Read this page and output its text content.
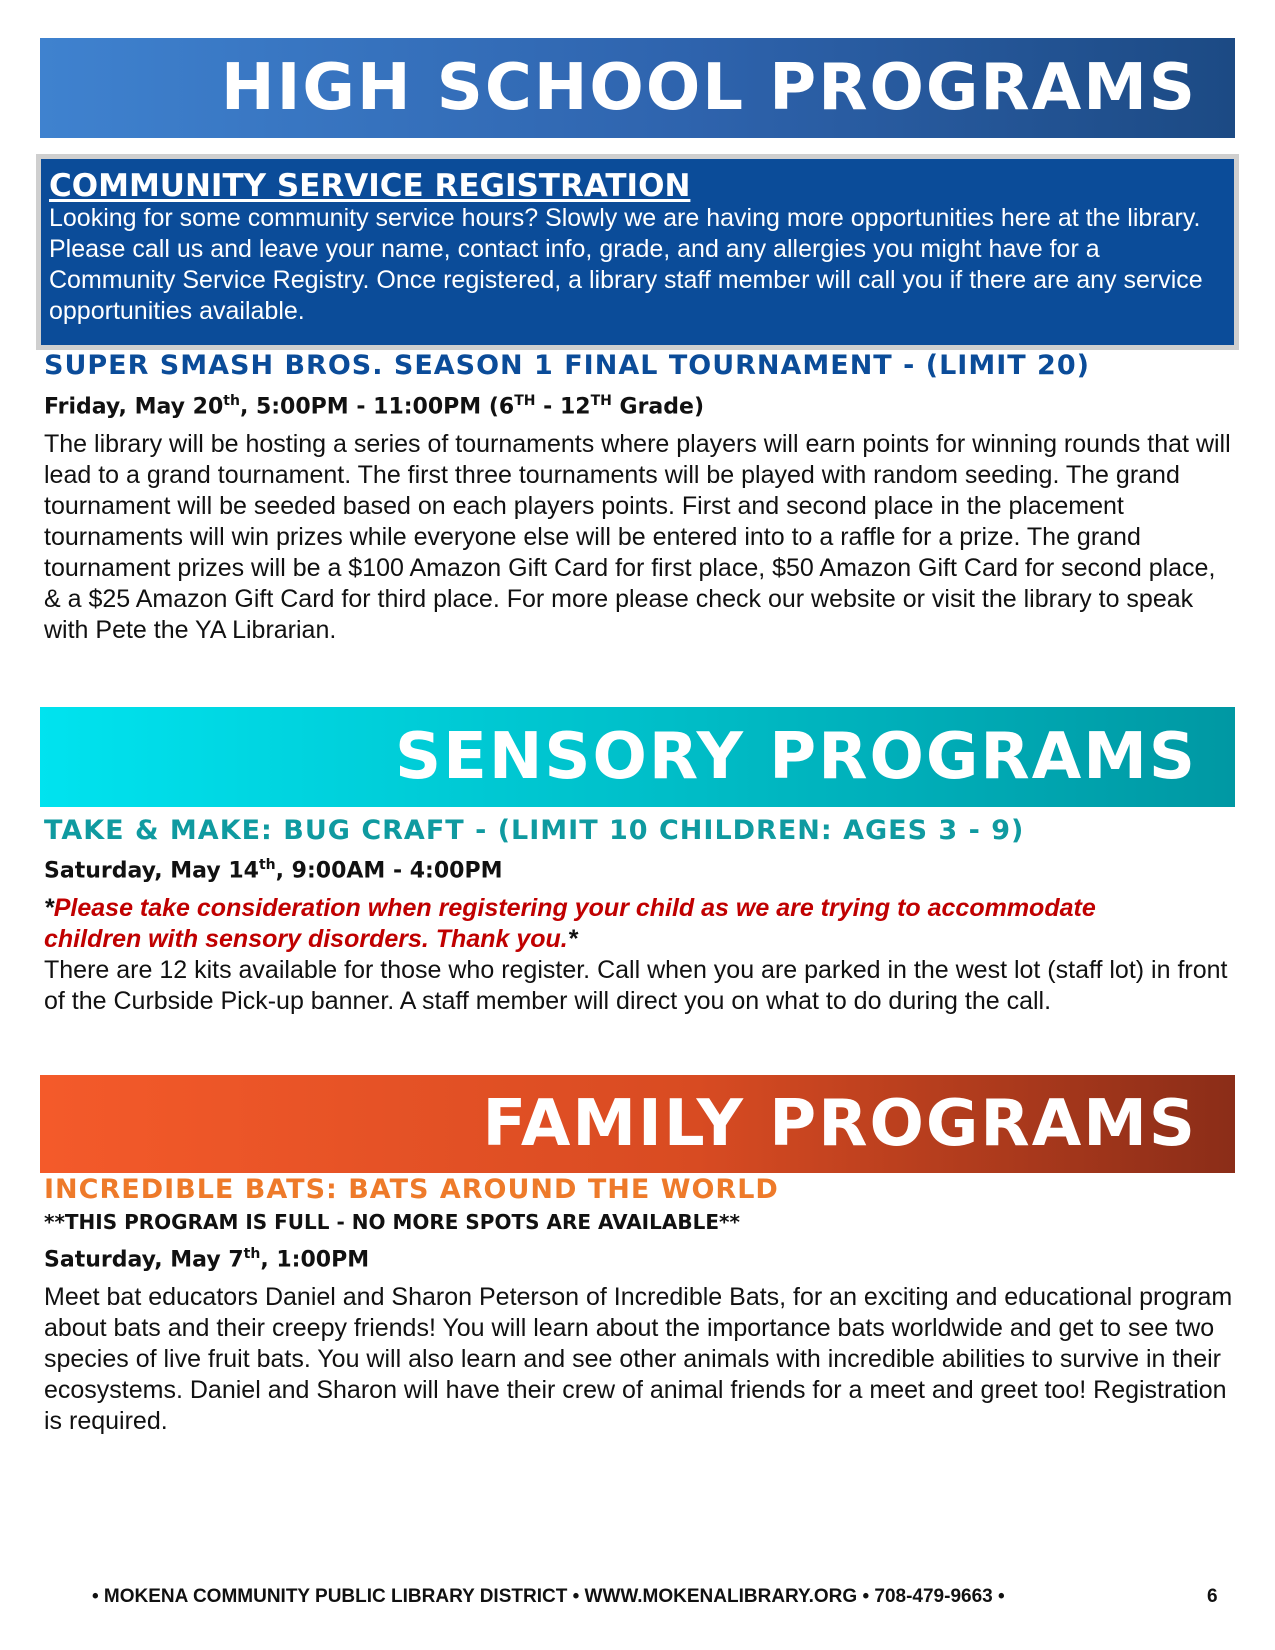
HIGH SCHOOL PROGRAMS
COMMUNITY SERVICE REGISTRATION
Looking for some community service hours? Slowly we are having more opportunities here at the library. Please call us and leave your name, contact info, grade, and any allergies you might have for a Community Service Registry. Once registered, a library staff member will call you if there are any service opportunities available.
SUPER SMASH BROS. SEASON 1 FINAL TOURNAMENT - (LIMIT 20)
Friday, May 20th, 5:00PM - 11:00PM (6TH - 12TH Grade)
The library will be hosting a series of tournaments where players will earn points for winning rounds that will lead to a grand tournament. The first three tournaments will be played with random seeding. The grand tournament will be seeded based on each players points. First and second place in the placement tournaments will win prizes while everyone else will be entered into to a raffle for a prize. The grand tournament prizes will be a $100 Amazon Gift Card for first place, $50 Amazon Gift Card for second place, & a $25 Amazon Gift Card for third place. For more please check our website or visit the library to speak with Pete the YA Librarian.
SENSORY PROGRAMS
TAKE & MAKE: BUG CRAFT - (LIMIT 10 CHILDREN: AGES 3 - 9)
Saturday, May 14th, 9:00AM - 4:00PM
*Please take consideration when registering your child as we are trying to accommodate children with sensory disorders. Thank you.*
There are 12 kits available for those who register. Call when you are parked in the west lot (staff lot) in front of the Curbside Pick-up banner. A staff member will direct you on what to do during the call.
FAMILY PROGRAMS
INCREDIBLE BATS: BATS AROUND THE WORLD
**THIS PROGRAM IS FULL - NO MORE SPOTS ARE AVAILABLE**
Saturday, May 7th, 1:00PM
Meet bat educators Daniel and Sharon Peterson of Incredible Bats, for an exciting and educational program about bats and their creepy friends! You will learn about the importance bats worldwide and get to see two species of live fruit bats. You will also learn and see other animals with incredible abilities to survive in their ecosystems. Daniel and Sharon will have their crew of animal friends for a meet and greet too! Registration is required.
• MOKENA COMMUNITY PUBLIC LIBRARY DISTRICT • WWW.MOKENALIBRARY.ORG • 708-479-9663 •	6
